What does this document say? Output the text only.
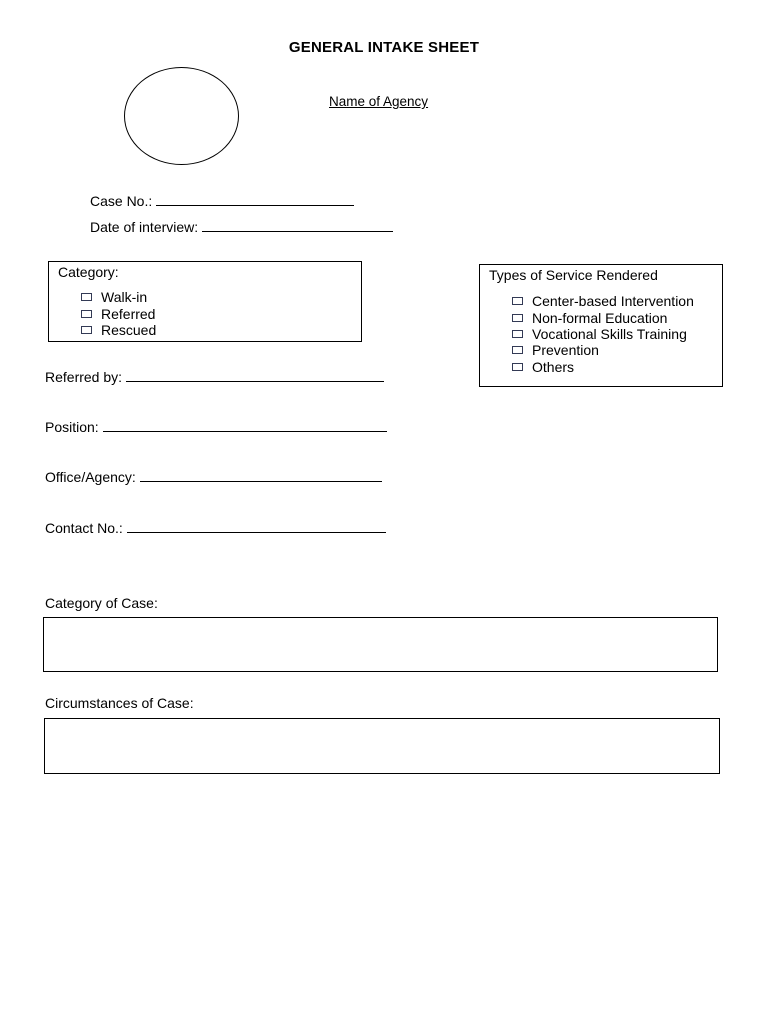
GENERAL INTAKE SHEET
Name of Agency
Case No.:
Date of interview:
Category:
Walk-in
Referred
Rescued
Types of Service Rendered
Center-based Intervention
Non-formal Education
Vocational Skills Training
Prevention
Others
Referred by:
Position:
Office/Agency:
Contact No.:
Category of Case:
Circumstances of Case:
